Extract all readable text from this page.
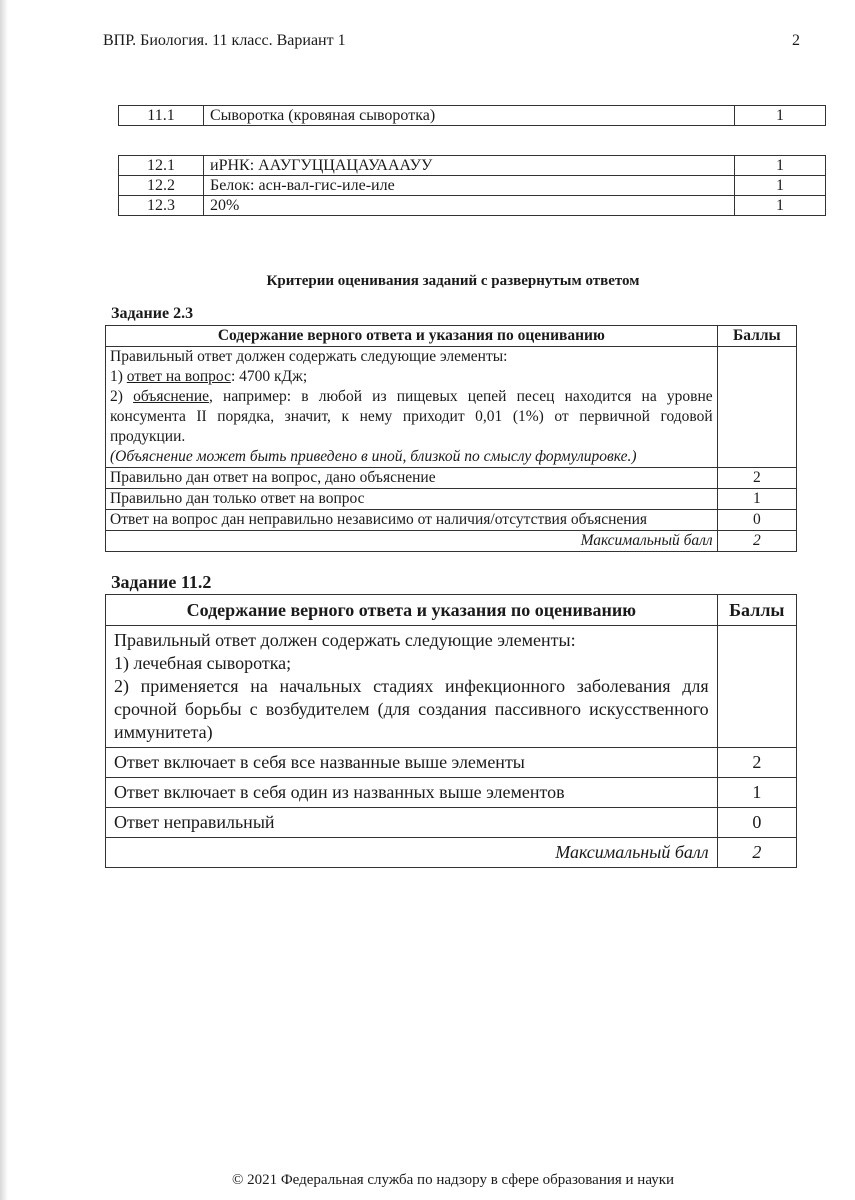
ВПР. Биология. 11 класс. Вариант 1	2
11.1	Сыворотка (кровяная сыворотка)	1
12.1	иРНК: ААУГУЦЦАЦАУАААУУ	1
12.2	Белок: асн-вал-гис-иле-иле	1
12.3	20%	1
Критерии оценивания заданий с развернутым ответом
Задание 2.3
Содержание верного ответа и указания по оцениванию	Баллы

Правильный ответ должен содержать следующие элементы:
1) ответ на вопрос: 4700 кДж;
2) объяснение, например: в любой из пищевых цепей песец находится на уровне консумента II порядка, значит, к нему приходит 0,01 (1%) от первичной годовой продукции.
(Объяснение может быть приведено в иной, близкой по смыслу формулировке.)	

Правильно дан ответ на вопрос, дано объяснение	2
Правильно дан только ответ на вопрос	1
Ответ на вопрос дан неправильно независимо от наличия/отсутствия объяснения	0
Максимальный балл	2
Задание 11.2
Содержание верного ответа и указания по оцениванию	Баллы

Правильный ответ должен содержать следующие элементы:
1) лечебная сыворотка;
2) применяется на начальных стадиях инфекционного заболевания для срочной борьбы с возбудителем (для создания пассивного искусственного иммунитета)	

Ответ включает в себя все названные выше элементы	2
Ответ включает в себя один из названных выше элементов	1
Ответ неправильный	0
Максимальный балл	2
© 2021 Федеральная служба по надзору в сфере образования и науки
